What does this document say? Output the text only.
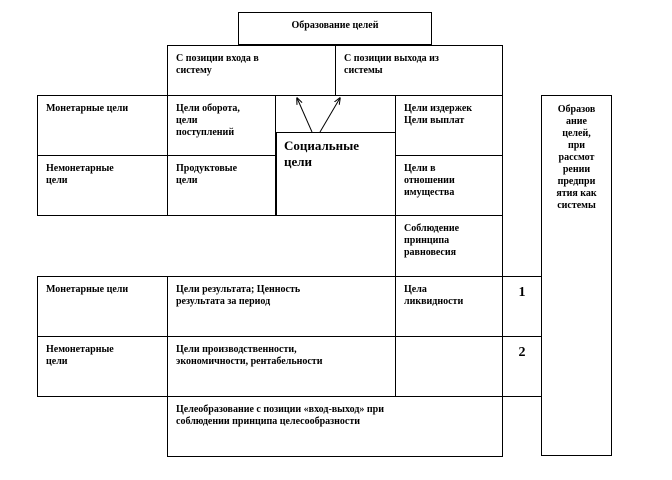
Образование целей
С позиции входа в
систему
С позиции выхода из
системы
Монетарные цели	Цели оборота,
цели
поступлений
Социальные
цели
Цели издержек
Цели выплат
Немонетарные
цели
Продуктовые
цели
Цели в
отношении
имущества
Соблюдение
принципа
равновесия
Образов
ание
целей,
при
рассмот
рении
предпри
ятия как
системы
Монетарные цели	Цели результата; Ценность
результата за период
Цела
ликвидности
1
Немонетарные
цели
Цели производственности,
экономичности, рентабельности
2
Целеобразование с позиции «вход-выход» при
соблюдении принципа целесообразности
